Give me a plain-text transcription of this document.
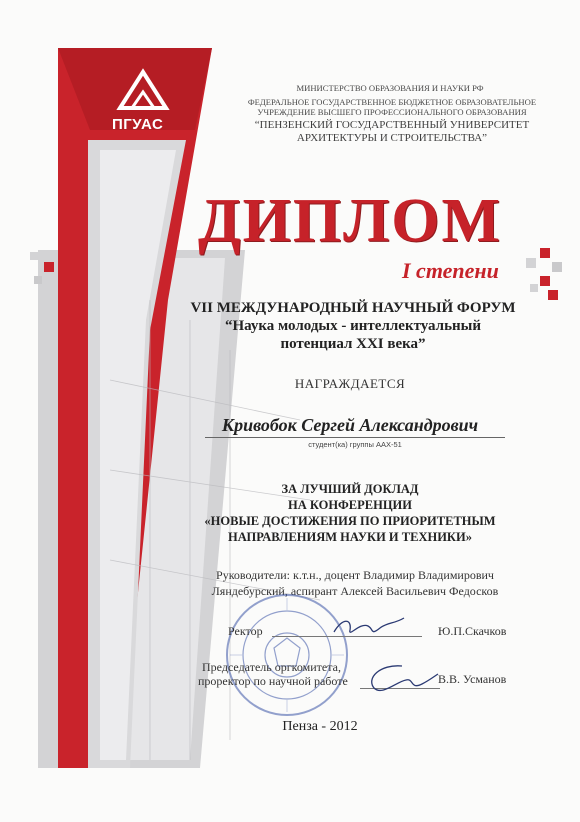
ПГУАС
МИНИСТЕРСТВО ОБРАЗОВАНИЯ И НАУКИ РФ
ФЕДЕРАЛЬНОЕ ГОСУДАРСТВЕННОЕ БЮДЖЕТНОЕ ОБРАЗОВАТЕЛЬНОЕ
УЧРЕЖДЕНИЕ ВЫСШЕГО ПРОФЕССИОНАЛЬНОГО ОБРАЗОВАНИЯ
“ПЕНЗЕНСКИЙ ГОСУДАРСТВЕННЫЙ УНИВЕРСИТЕТ
АРХИТЕКТУРЫ И СТРОИТЕЛЬСТВА”
ДИПЛОМ
I степени
VII МЕЖДУНАРОДНЫЙ НАУЧНЫЙ ФОРУМ
“Наука молодых - интеллектуальный
потенциал XXI века”
НАГРАЖДАЕТСЯ
Кривобок Сергей Александрович
студент(ка) группы ААХ-51
ЗА ЛУЧШИЙ ДОКЛАД
НА КОНФЕРЕНЦИИ
«НОВЫЕ ДОСТИЖЕНИЯ ПО ПРИОРИТЕТНЫМ
НАПРАВЛЕНИЯМ НАУКИ И ТЕХНИКИ»
Руководители: к.т.н., доцент Владимир Владимирович
Ляндебурский, аспирант Алексей Васильевич Федосков
Ректор	Ю.П.Скачков
Председатель оргкомитета,
проректор по научной работе	В.В. Усманов
Пенза - 2012
